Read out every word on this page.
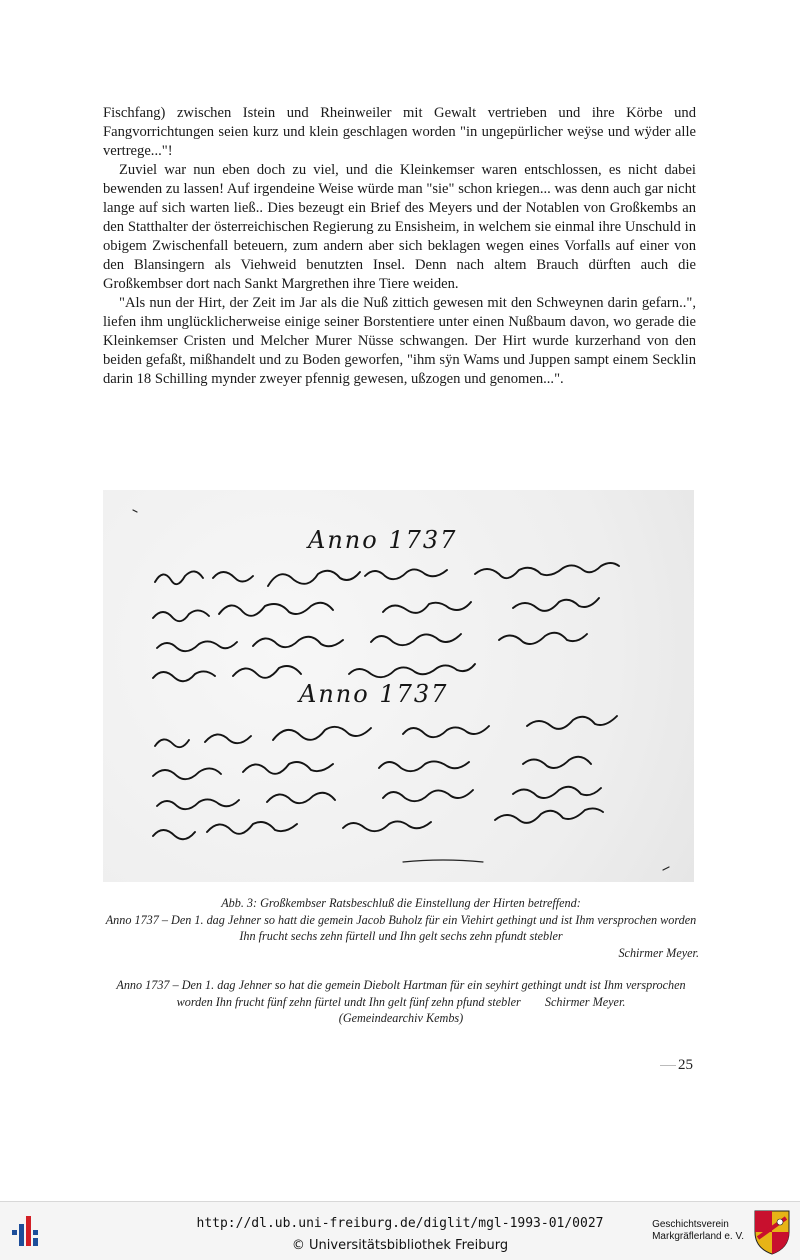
Fischfang) zwischen Istein und Rheinweiler mit Gewalt vertrieben und ihre Körbe und Fangvorrichtungen seien kurz und klein geschlagen worden "in ungepürlicher weÿse und wÿder alle vertrege..."!

Zuviel war nun eben doch zu viel, und die Kleinkemser waren entschlossen, es nicht dabei bewenden zu lassen! Auf irgendeine Weise würde man "sie" schon kriegen... was denn auch gar nicht lange auf sich warten ließ.. Dies bezeugt ein Brief des Meyers und der Notablen von Großkembs an den Statthalter der österreichischen Regierung zu Ensisheim, in welchem sie einmal ihre Unschuld in obigem Zwischenfall beteuern, zum andern aber sich beklagen wegen eines Vorfalls auf einer von den Blansingern als Viehweid benutzten Insel. Denn nach altem Brauch dürften auch die Großkembser dort nach Sankt Margrethen ihre Tiere weiden.

"Als nun der Hirt, der Zeit im Jar als die Nuß zittich gewesen mit den Schweynen darin gefarn..", liefen ihm unglücklicherweise einige seiner Borstentiere unter einen Nußbaum davon, wo gerade die Kleinkemser Cristen und Melcher Murer Nüsse schwangen. Der Hirt wurde kurzerhand von den beiden gefaßt, mißhandelt und zu Boden geworfen, "ihm sÿn Wams und Juppen sampt einem Secklin darin 18 Schilling mynder zweyer pfennig gewesen, ußzogen und genomen...".

Anno 1737
Anno 1737
Abb. 3: Großkembser Ratsbeschluß die Einstellung der Hirten betreffend:
Anno 1737 – Den 1. dag Jehner so hatt die gemein Jacob Buholz für ein Viehirt gethingt und ist Ihm versprochen worden Ihn frucht sechs zehn fürtell und Ihn gelt sechs zehn pfundt stebler
Schirmer Meyer.
Anno 1737 – Den 1. dag Jehner so hat die gemein Diebolt Hartman für ein seyhirt gethingt undt ist Ihm versprochen worden Ihn frucht fünf zehn fürtel undt Ihn gelt fünf zehn pfund stebler Schirmer Meyer.
(Gemeindearchiv Kembs)
25
http://dl.ub.uni-freiburg.de/diglit/mgl-1993-01/0027
© Universitätsbibliothek Freiburg
Geschichtsverein
Markgräflerland e. V.
